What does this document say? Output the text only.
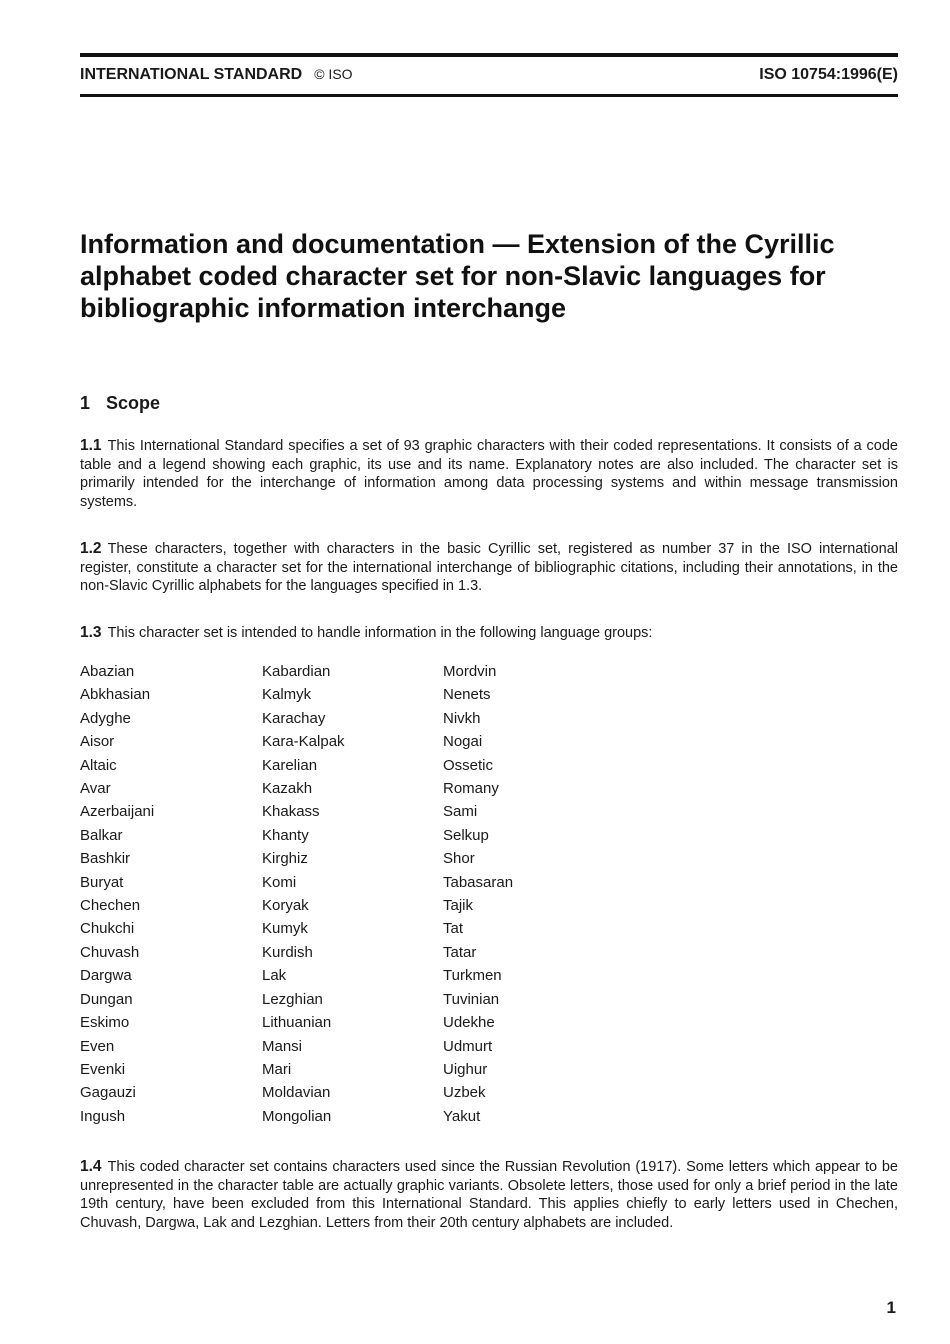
INTERNATIONAL STANDARD © ISO	ISO 10754:1996(E)
Information and documentation — Extension of the Cyrillic alphabet coded character set for non-Slavic languages for bibliographic information interchange
1 Scope

1.1 This International Standard specifies a set of 93 graphic characters with their coded representations. It consists of a code table and a legend showing each graphic, its use and its name. Explanatory notes are also included. The character set is primarily intended for the interchange of information among data processing systems and within message transmission systems.

1.2 These characters, together with characters in the basic Cyrillic set, registered as number 37 in the ISO international register, constitute a character set for the international interchange of bibliographic citations, including their annotations, in the non-Slavic Cyrillic alphabets for the languages specified in 1.3.

1.3 This character set is intended to handle information in the following language groups:

Abazian
Abkhasian
Adyghe
Aisor
Altaic
Avar
Azerbaijani
Balkar
Bashkir
Buryat
Chechen
Chukchi
Chuvash
Dargwa
Dungan
Eskimo
Even
Evenki
Gagauzi
Ingush
Kabardian
Kalmyk
Karachay
Kara-Kalpak
Karelian
Kazakh
Khakass
Khanty
Kirghiz
Komi
Koryak
Kumyk
Kurdish
Lak
Lezghian
Lithuanian
Mansi
Mari
Moldavian
Mongolian
Mordvin
Nenets
Nivkh
Nogai
Ossetic
Romany
Sami
Selkup
Shor
Tabasaran
Tajik
Tat
Tatar
Turkmen
Tuvinian
Udekhe
Udmurt
Uighur
Uzbek
Yakut

1.4 This coded character set contains characters used since the Russian Revolution (1917). Some letters which appear to be unrepresented in the character table are actually graphic variants. Obsolete letters, those used for only a brief period in the late 19th century, have been excluded from this International Standard. This applies chiefly to early letters used in Chechen, Chuvash, Dargwa, Lak and Lezghian. Letters from their 20th century alphabets are included.

1
